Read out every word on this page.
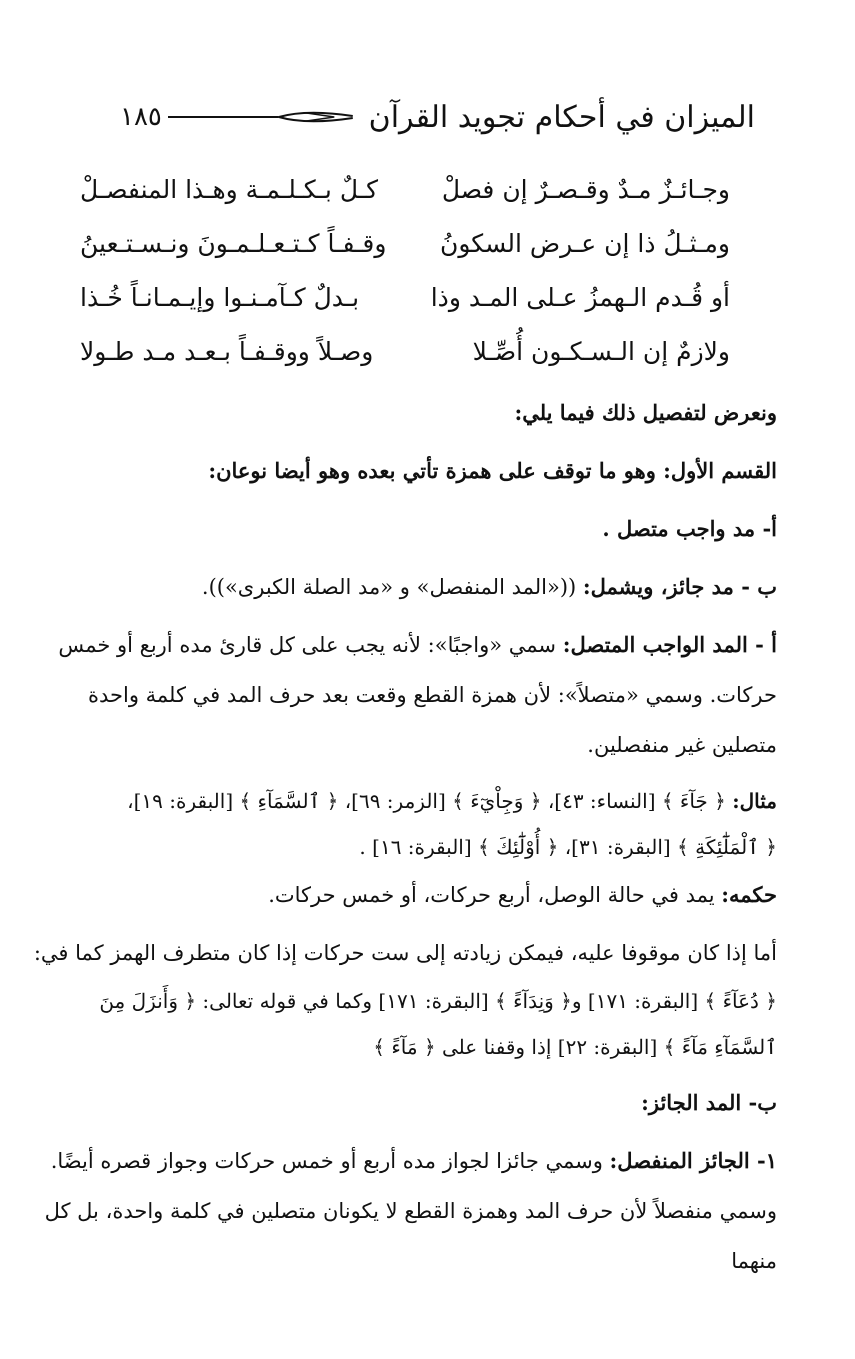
الميزان في أحكام تجويد القرآن
١٨٥
وجـائـزٌ مـدٌ وقـصـرٌ إن فصلْ
كـلٌ بـكـلـمـة وهـذا المنفصـلْ
ومـثـلُ ذا إن عـرض السكونُ
وقـفـاً كـتـعـلـمـونَ ونـسـتـعينُ
أو قُـدم الـهمزُ عـلى المـد وذا
بـدلٌ كـآمـنـوا وإيـمـانـاً خُـذا
ولازمٌ إن الـسـكـون أُصِّـلا
وصـلاً ووقـفـاً بـعـد مـد طـولا

ونعرض لتفصيل ذلك فيما يلي:

القسم الأول: وهو ما توقف على همزة تأتي بعده وهو أيضا نوعان:

أ- مد واجب متصل .

ب - مد جائز، ويشمل: ((«المد المنفصل» و «مد الصلة الكبرى»)).

أ - المد الواجب المتصل: سمي «واجبًا»: لأنه يجب على كل قارئ مده أربع أو خمس حركات. وسمي «متصلاً»: لأن همزة القطع وقعت بعد حرف المد في كلمة واحدة متصلين غير منفصلين.

مثال: ﴿ جَآءَ ﴾ [النساء: ٤٣]، ﴿ وَجِاْيٓءَ ﴾ [الزمر: ٦٩]، ﴿ ٱلسَّمَآءِ ﴾ [البقرة: ١٩]،

﴿ ٱلْمَلَٰٓئِكَةِ ﴾ [البقرة: ٣١]، ﴿ أُوْلَٰٓئِكَ ﴾ [البقرة: ١٦] .

حكمه: يمد في حالة الوصل، أربع حركات، أو خمس حركات.

أما إذا كان موقوفا عليه، فيمكن زيادته إلى ست حركات إذا كان متطرف الهمز كما في:

﴿ دُعَآءً ﴾ [البقرة: ١٧١] و﴿ وَنِدَآءً ﴾ [البقرة: ١٧١] وكما في قوله تعالى: ﴿ وَأَنزَلَ مِنَ

ٱلسَّمَآءِ مَآءً ﴾ [البقرة: ٢٢] إذا وقفنا على ﴿ مَآءً ﴾

ب- المد الجائز:

١- الجائز المنفصل: وسمي جائزا لجواز مده أربع أو خمس حركات وجواز قصره أيضًا.

وسمي منفصلاً لأن حرف المد وهمزة القطع لا يكونان متصلين في كلمة واحدة، بل كل منهما
